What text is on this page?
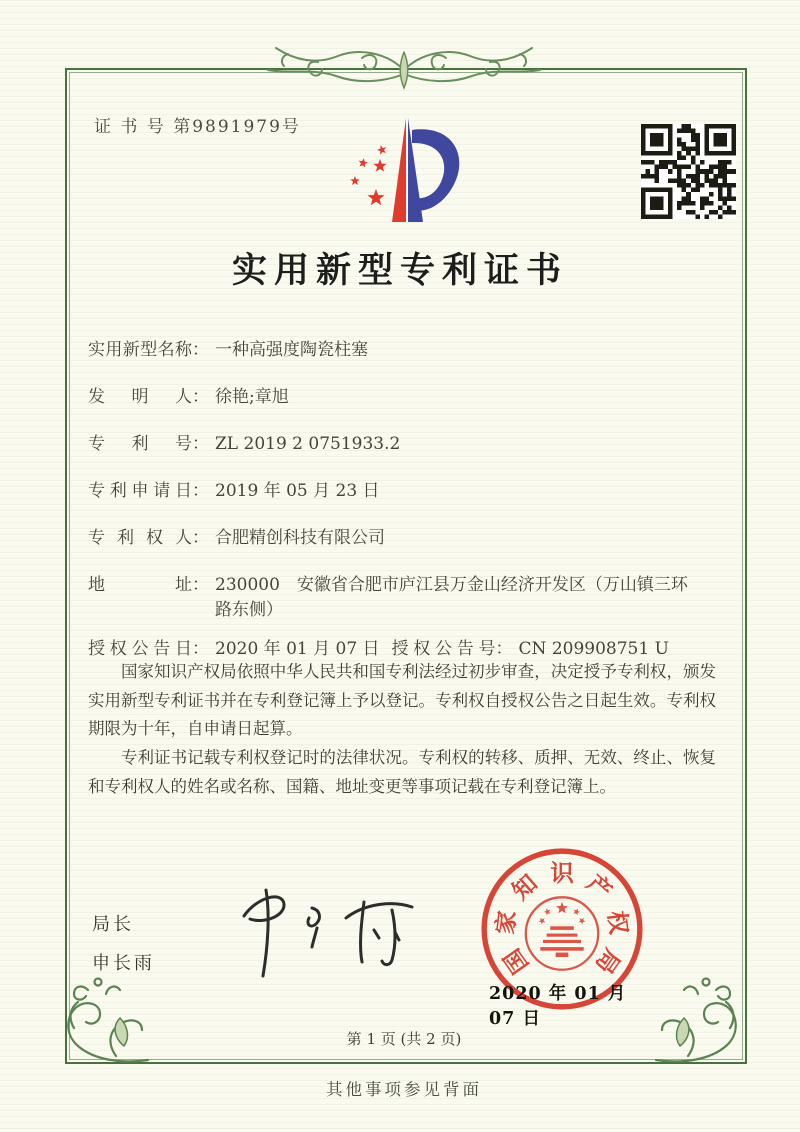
证 书 号 第9891979号
实用新型专利证书
实用新型名称： 一种高强度陶瓷柱塞
发明人： 徐艳;章旭
专利号： ZL 2019 2 0751933.2
专利申请日： 2019 年 05 月 23 日
专利权人： 合肥精创科技有限公司
地址： 230000　安徽省合肥市庐江县万金山经济开发区（万山镇三环路东侧）
授权公告日： 2020 年 01 月 07 日 授权公告号： CN 209908751 U

国家知识产权局依照中华人民共和国专利法经过初步审查，决定授予专利权，颁发实用新型专利证书并在专利登记簿上予以登记。专利权自授权公告之日起生效。专利权期限为十年，自申请日起算。

专利证书记载专利权登记时的法律状况。专利权的转移、质押、无效、终止、恢复和专利权人的姓名或名称、国籍、地址变更等事项记载在专利登记簿上。

局长
申长雨	国
家
知 识 产
权
局
2020 年 01 月 07 日
第 1 页 (共 2 页)
其他事项参见背面
